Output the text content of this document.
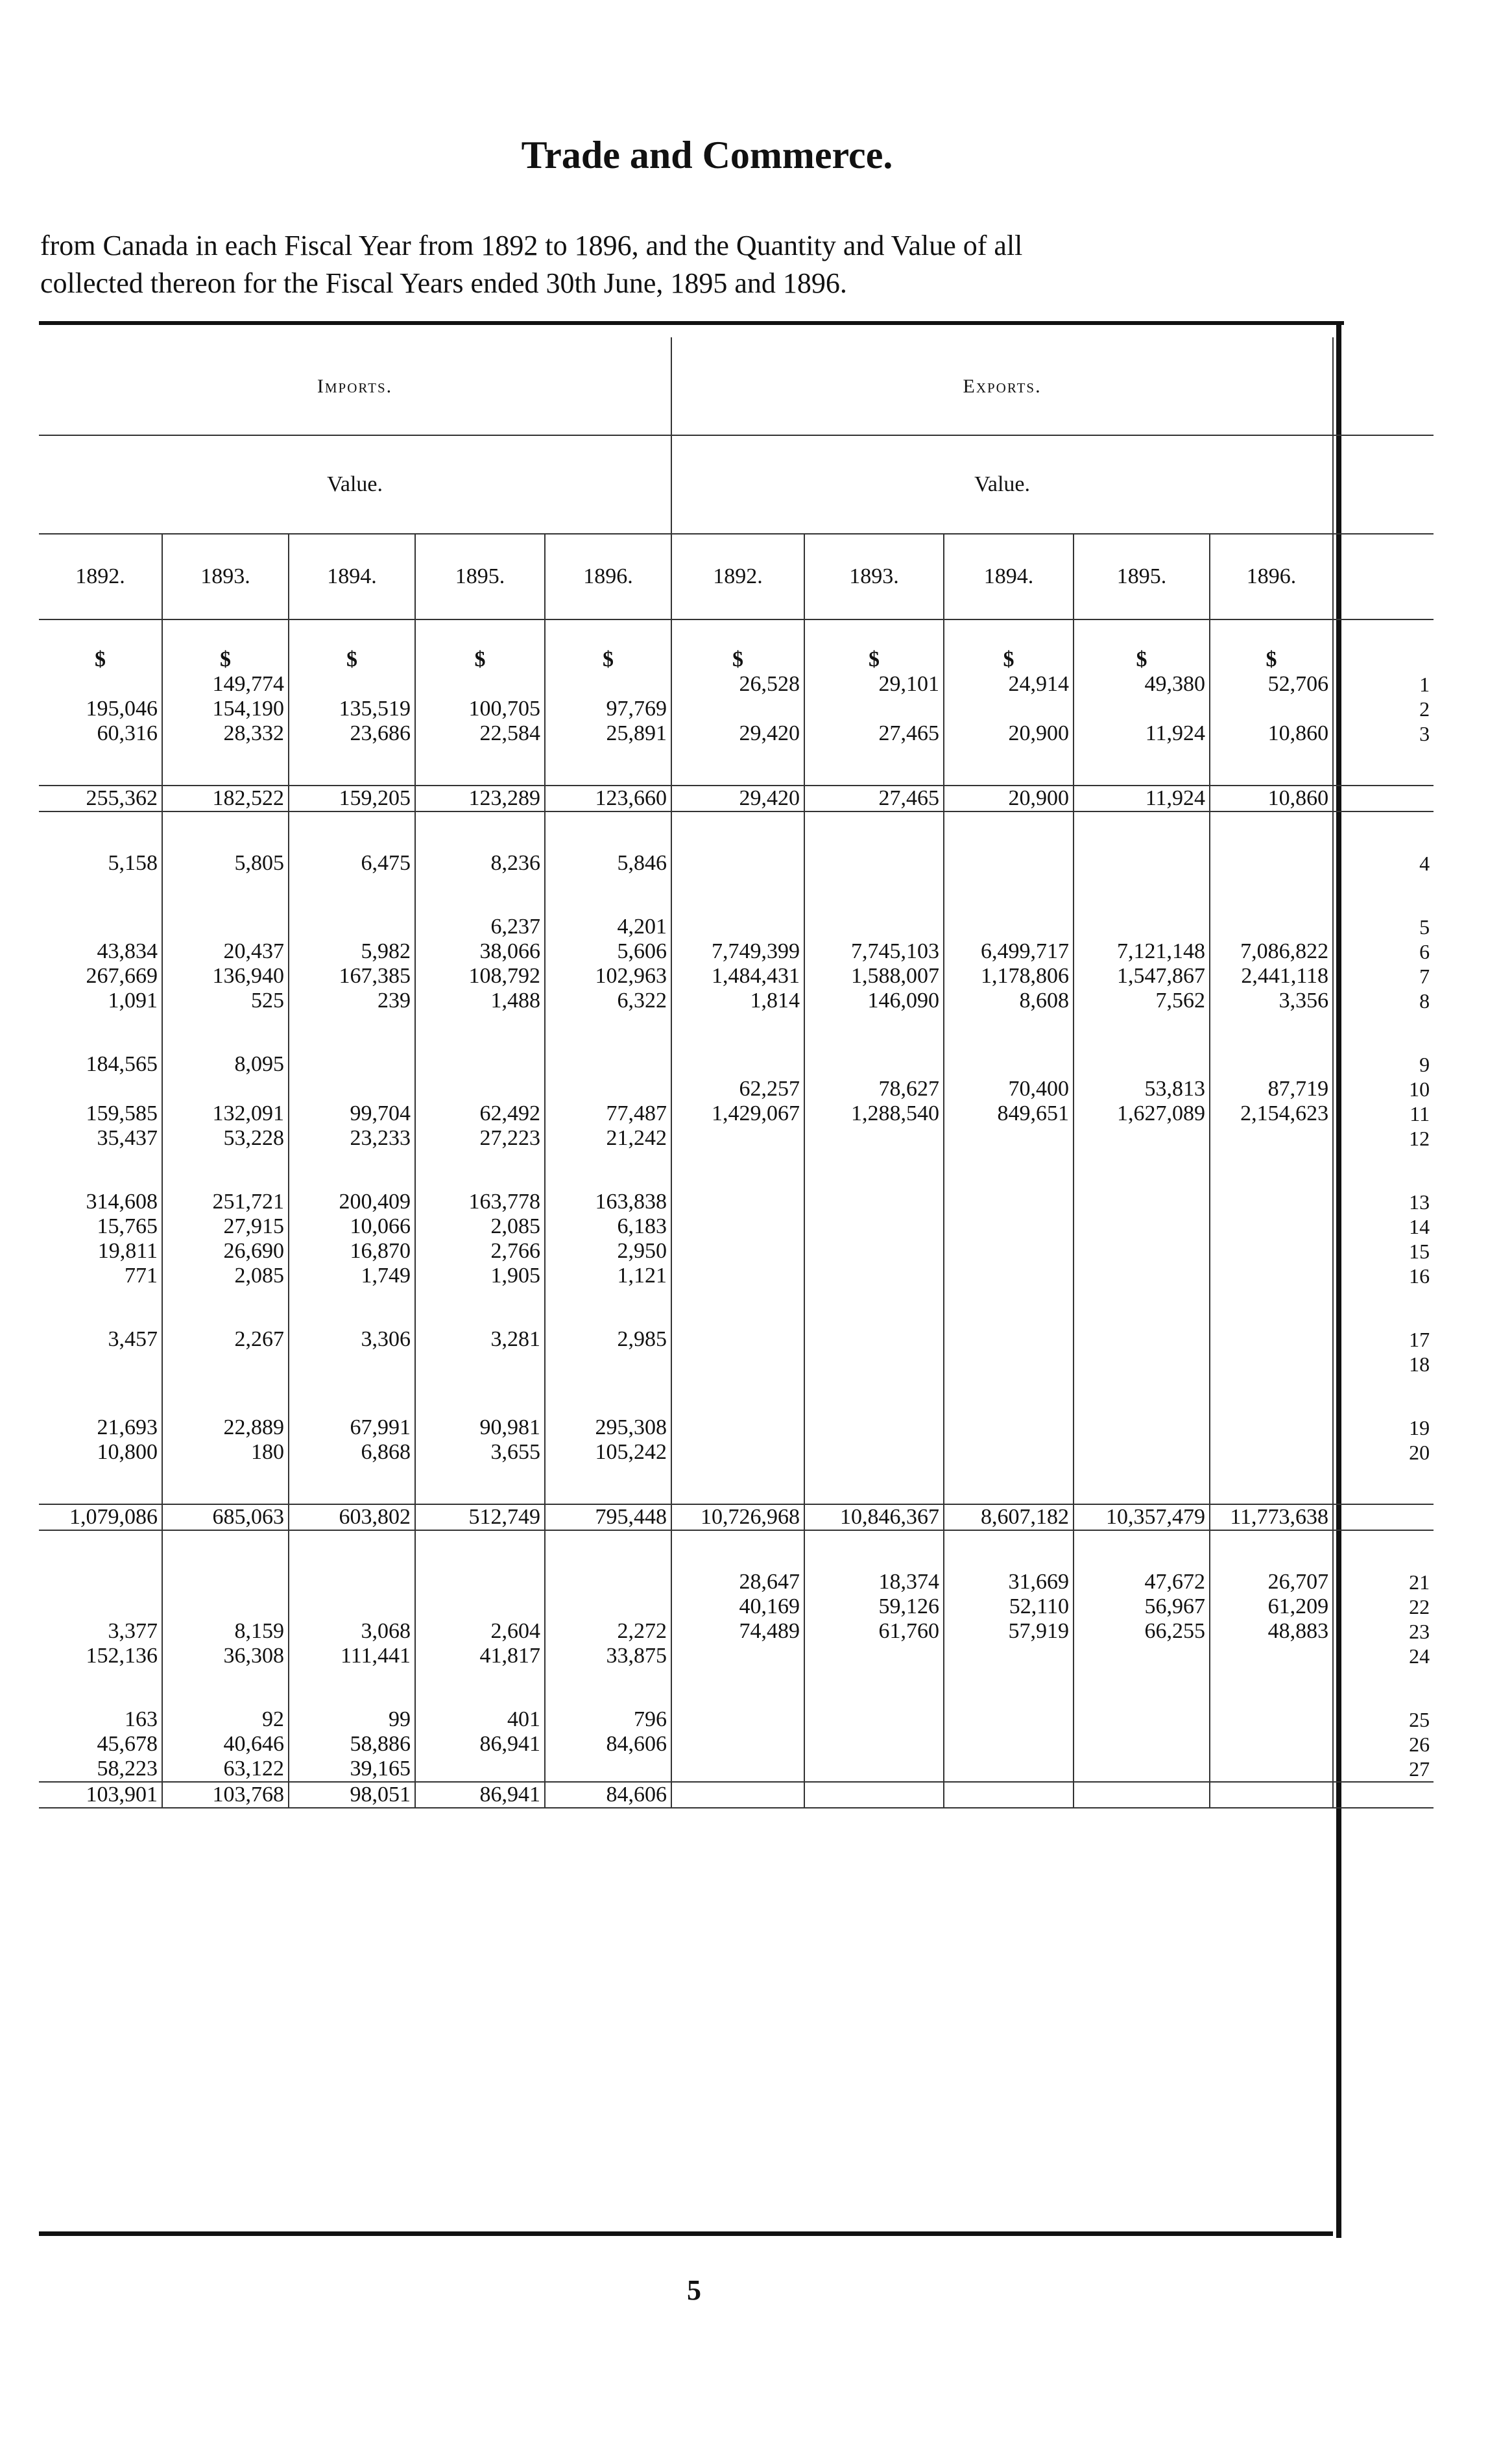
Trade and Commerce.
from Canada in each Fiscal Year from 1892 to 1896, and the Quantity and Value of all
collected thereon for the Fiscal Years ended 30th June, 1895 and 1896.
Imports.					Exports.					
Value.					Value.					
1892.	1893.	1894.	1895.	1896.	1892.	1893.	1894.	1895.	1896.	
$	$	$	$	$	$	$	$	$	$	
	149,774				26,528	29,101	24,914	49,380	52,706	1
195,046	154,190	135,519	100,705	97,769						2
60,316	28,332	23,686	22,584	25,891	29,420	27,465	20,900	11,924	10,860	3

255,362	182,522	159,205	123,289	123,660	29,420	27,465	20,900	11,924	10,860	

5,158	5,805	6,475	8,236	5,846						4

			6,237	4,201						5
43,834	20,437	5,982	38,066	5,606	7,749,399	7,745,103	6,499,717	7,121,148	7,086,822	6
267,669	136,940	167,385	108,792	102,963	1,484,431	1,588,007	1,178,806	1,547,867	2,441,118	7
1,091	525	239	1,488	6,322	1,814	146,090	8,608	7,562	3,356	8

184,565	8,095									9
					62,257	78,627	70,400	53,813	87,719	10
159,585	132,091	99,704	62,492	77,487	1,429,067	1,288,540	849,651	1,627,089	2,154,623	11
35,437	53,228	23,233	27,223	21,242						12

314,608	251,721	200,409	163,778	163,838						13
15,765	27,915	10,066	2,085	6,183						14
19,811	26,690	16,870	2,766	2,950						15
771	2,085	1,749	1,905	1,121						16

3,457	2,267	3,306	3,281	2,985						17
										18

21,693	22,889	67,991	90,981	295,308						19
10,800	180	6,868	3,655	105,242						20

1,079,086	685,063	603,802	512,749	795,448	10,726,968	10,846,367	8,607,182	10,357,479	11,773,638	

					28,647	18,374	31,669	47,672	26,707	21
					40,169	59,126	52,110	56,967	61,209	22
3,377	8,159	3,068	2,604	2,272	74,489	61,760	57,919	66,255	48,883	23
152,136	36,308	111,441	41,817	33,875						24

163	92	99	401	796						25
45,678	40,646	58,886	86,941	84,606						26
58,223	63,122	39,165								27
103,901	103,768	98,051	86,941	84,606						
5
